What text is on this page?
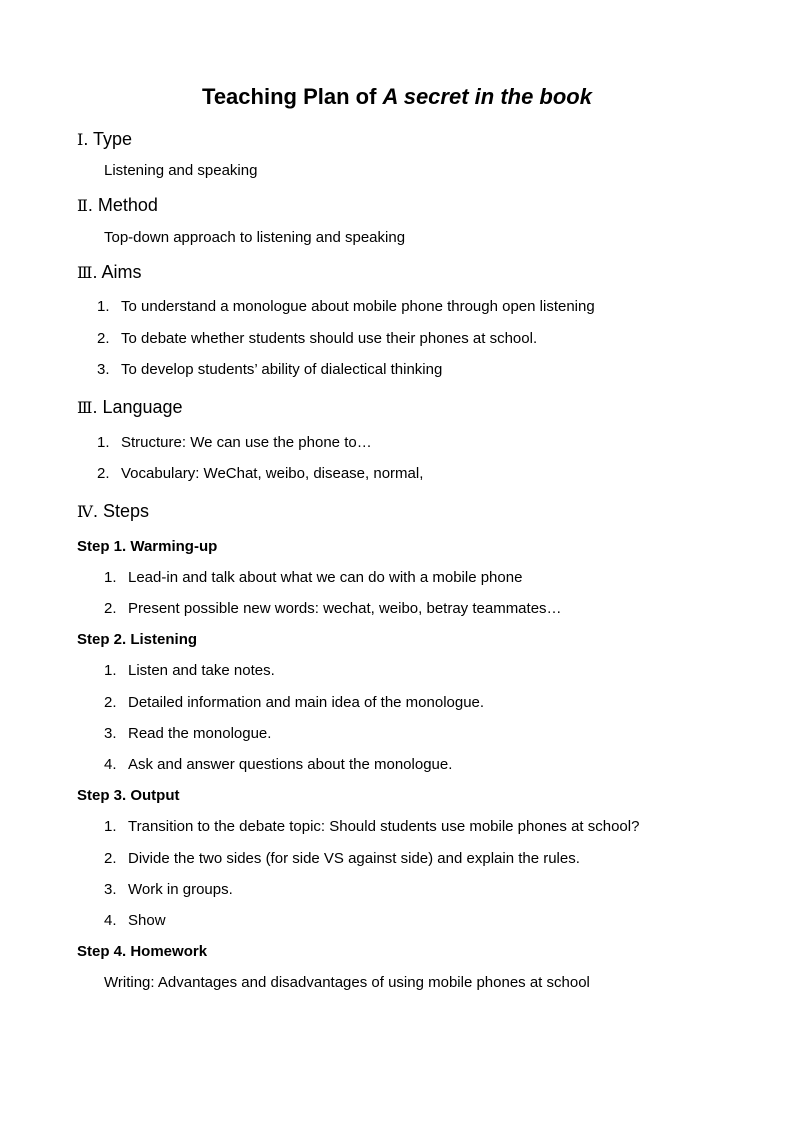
Teaching Plan of A secret in the book
Ⅰ. Type
Listening and speaking
Ⅱ. Method
Top-down approach to listening and speaking
Ⅲ. Aims
1. To understand a monologue about mobile phone through open listening
2. To debate whether students should use their phones at school.
3. To develop students’ ability of dialectical thinking
Ⅲ. Language
1. Structure: We can use the phone to…
2. Vocabulary: WeChat, weibo, disease, normal,
Ⅳ. Steps
Step 1. Warming-up
1. Lead-in and talk about what we can do with a mobile phone
2. Present possible new words: wechat, weibo, betray teammates…
Step 2. Listening
1. Listen and take notes.
2. Detailed information and main idea of the monologue.
3. Read the monologue.
4. Ask and answer questions about the monologue.
Step 3. Output
1. Transition to the debate topic: Should students use mobile phones at school?
2. Divide the two sides (for side VS against side) and explain the rules.
3. Work in groups.
4. Show
Step 4. Homework
Writing: Advantages and disadvantages of using mobile phones at school
